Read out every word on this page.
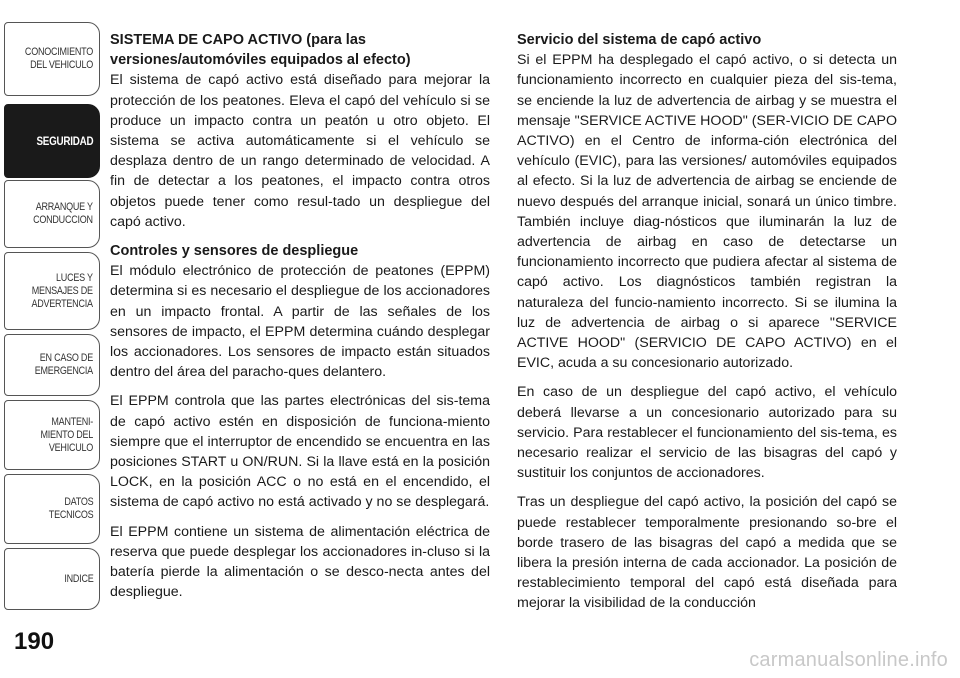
CONOCIMIENTO
DEL VEHICULO
SEGURIDAD
ARRANQUE Y
CONDUCCION
LUCES Y
MENSAJES DE
ADVERTENCIA
EN CASO DE
EMERGENCIA
MANTENI-
MIENTO DEL
VEHICULO
DATOS
TECNICOS
INDICE
190
SISTEMA DE CAPO ACTIVO (para las versiones/automóviles equipados al efecto)

El sistema de capó activo está diseñado para mejorar la protección de los peatones. Eleva el capó del vehículo si se produce un impacto contra un peatón u otro objeto. El sistema se activa automáticamente si el vehículo se desplaza dentro de un rango determinado de velocidad. A fin de detectar a los peatones, el impacto contra otros objetos puede tener como resul-tado un despliegue del capó activo.

Controles y sensores de despliegue

El módulo electrónico de protección de peatones (EPPM) determina si es necesario el despliegue de los accionadores en un impacto frontal. A partir de las señales de los sensores de impacto, el EPPM determina cuándo desplegar los accionadores. Los sensores de impacto están situados dentro del área del paracho-ques delantero.

El EPPM controla que las partes electrónicas del sis-tema de capó activo estén en disposición de funciona-miento siempre que el interruptor de encendido se encuentra en las posiciones START u ON/RUN. Si la llave está en la posición LOCK, en la posición ACC o no está en el encendido, el sistema de capó activo no está activado y no se desplegará.

El EPPM contiene un sistema de alimentación eléctrica de reserva que puede desplegar los accionadores in-cluso si la batería pierde la alimentación o se desco-necta antes del despliegue.

Servicio del sistema de capó activo

Si el EPPM ha desplegado el capó activo, o si detecta un funcionamiento incorrecto en cualquier pieza del sis-tema, se enciende la luz de advertencia de airbag y se muestra el mensaje "SERVICE ACTIVE HOOD" (SER-VICIO DE CAPO ACTIVO) en el Centro de informa-ción electrónica del vehículo (EVIC), para las versiones/ automóviles equipados al efecto. Si la luz de advertencia de airbag se enciende de nuevo después del arranque inicial, sonará un único timbre. También incluye diag-nósticos que iluminarán la luz de advertencia de airbag en caso de detectarse un funcionamiento incorrecto que pudiera afectar al sistema de capó activo. Los diagnósticos también registran la naturaleza del funcio-namiento incorrecto. Si se ilumina la luz de advertencia de airbag o si aparece "SERVICE ACTIVE HOOD" (SERVICIO DE CAPO ACTIVO) en el EVIC, acuda a su concesionario autorizado.

En caso de un despliegue del capó activo, el vehículo deberá llevarse a un concesionario autorizado para su servicio. Para restablecer el funcionamiento del sis-tema, es necesario realizar el servicio de las bisagras del capó y sustituir los conjuntos de accionadores.

Tras un despliegue del capó activo, la posición del capó se puede restablecer temporalmente presionando so-bre el borde trasero de las bisagras del capó a medida que se libera la presión interna de cada accionador. La posición de restablecimiento temporal del capó está diseñada para mejorar la visibilidad de la conducción

carmanualsonline.info
